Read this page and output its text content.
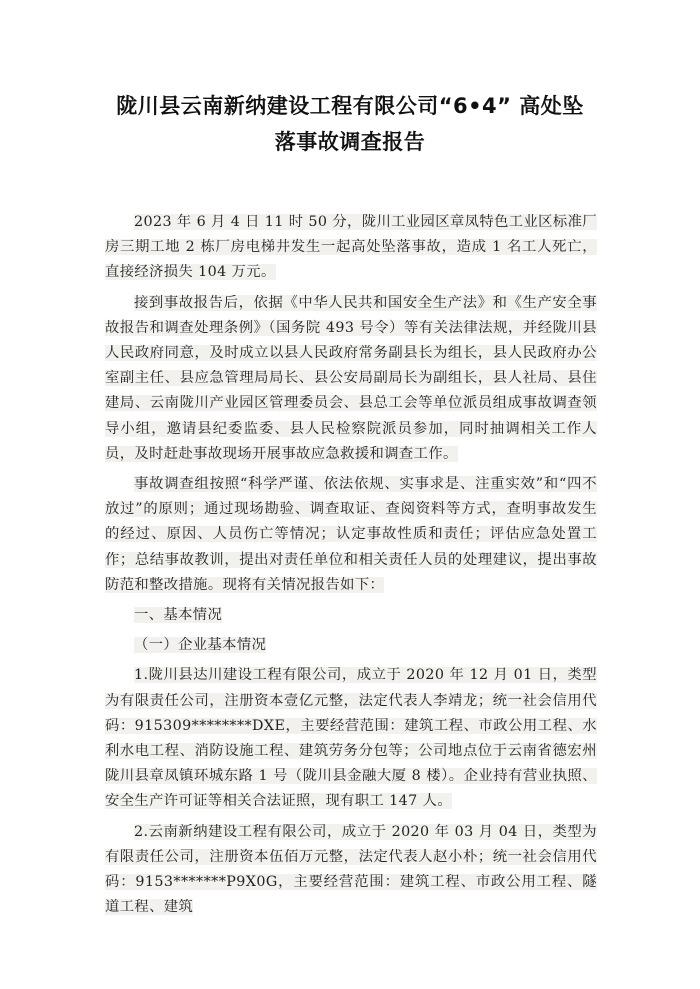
陇川县云南新纳建设工程有限公司“6•4” 高处坠
落事故调查报告

2023 年 6 月 4 日 11 时 50 分，陇川工业园区章凤特色工业区标准厂房三期工地 2 栋厂房电梯井发生一起高处坠落事故，造成 1 名工人死亡，直接经济损失 104 万元。

接到事故报告后，依据《中华人民共和国安全生产法》和《生产安全事故报告和调查处理条例》（国务院 493 号令）等有关法律法规，并经陇川县人民政府同意，及时成立以县人民政府常务副县长为组长，县人民政府办公室副主任、县应急管理局局长、县公安局副局长为副组长，县人社局、县住建局、云南陇川产业园区管理委员会、县总工会等单位派员组成事故调查领导小组，邀请县纪委监委、县人民检察院派员参加，同时抽调相关工作人员，及时赶赴事故现场开展事故应急救援和调查工作。

事故调查组按照“科学严谨、依法依规、实事求是、注重实效”和“四不放过”的原则；通过现场勘验、调查取证、查阅资料等方式，查明事故发生的经过、原因、人员伤亡等情况；认定事故性质和责任；评估应急处置工作；总结事故教训，提出对责任单位和相关责任人员的处理建议，提出事故防范和整改措施。现将有关情况报告如下：

一、基本情况

（一）企业基本情况

1.陇川县达川建设工程有限公司，成立于 2020 年 12 月 01 日，类型为有限责任公司，注册资本壹亿元整，法定代表人李靖龙；统一社会信用代码：915309********DXE，主要经营范围：建筑工程、市政公用工程、水利水电工程、消防设施工程、建筑劳务分包等；公司地点位于云南省德宏州陇川县章凤镇环城东路 1 号（陇川县金融大厦 8 楼）。企业持有营业执照、安全生产许可证等相关合法证照，现有职工 147 人。

2.云南新纳建设工程有限公司，成立于 2020 年 03 月 04 日，类型为有限责任公司，注册资本伍佰万元整，法定代表人赵小朴；统一社会信用代码：9153*******P9X0G，主要经营范围：建筑工程、市政公用工程、隧道工程、建筑
